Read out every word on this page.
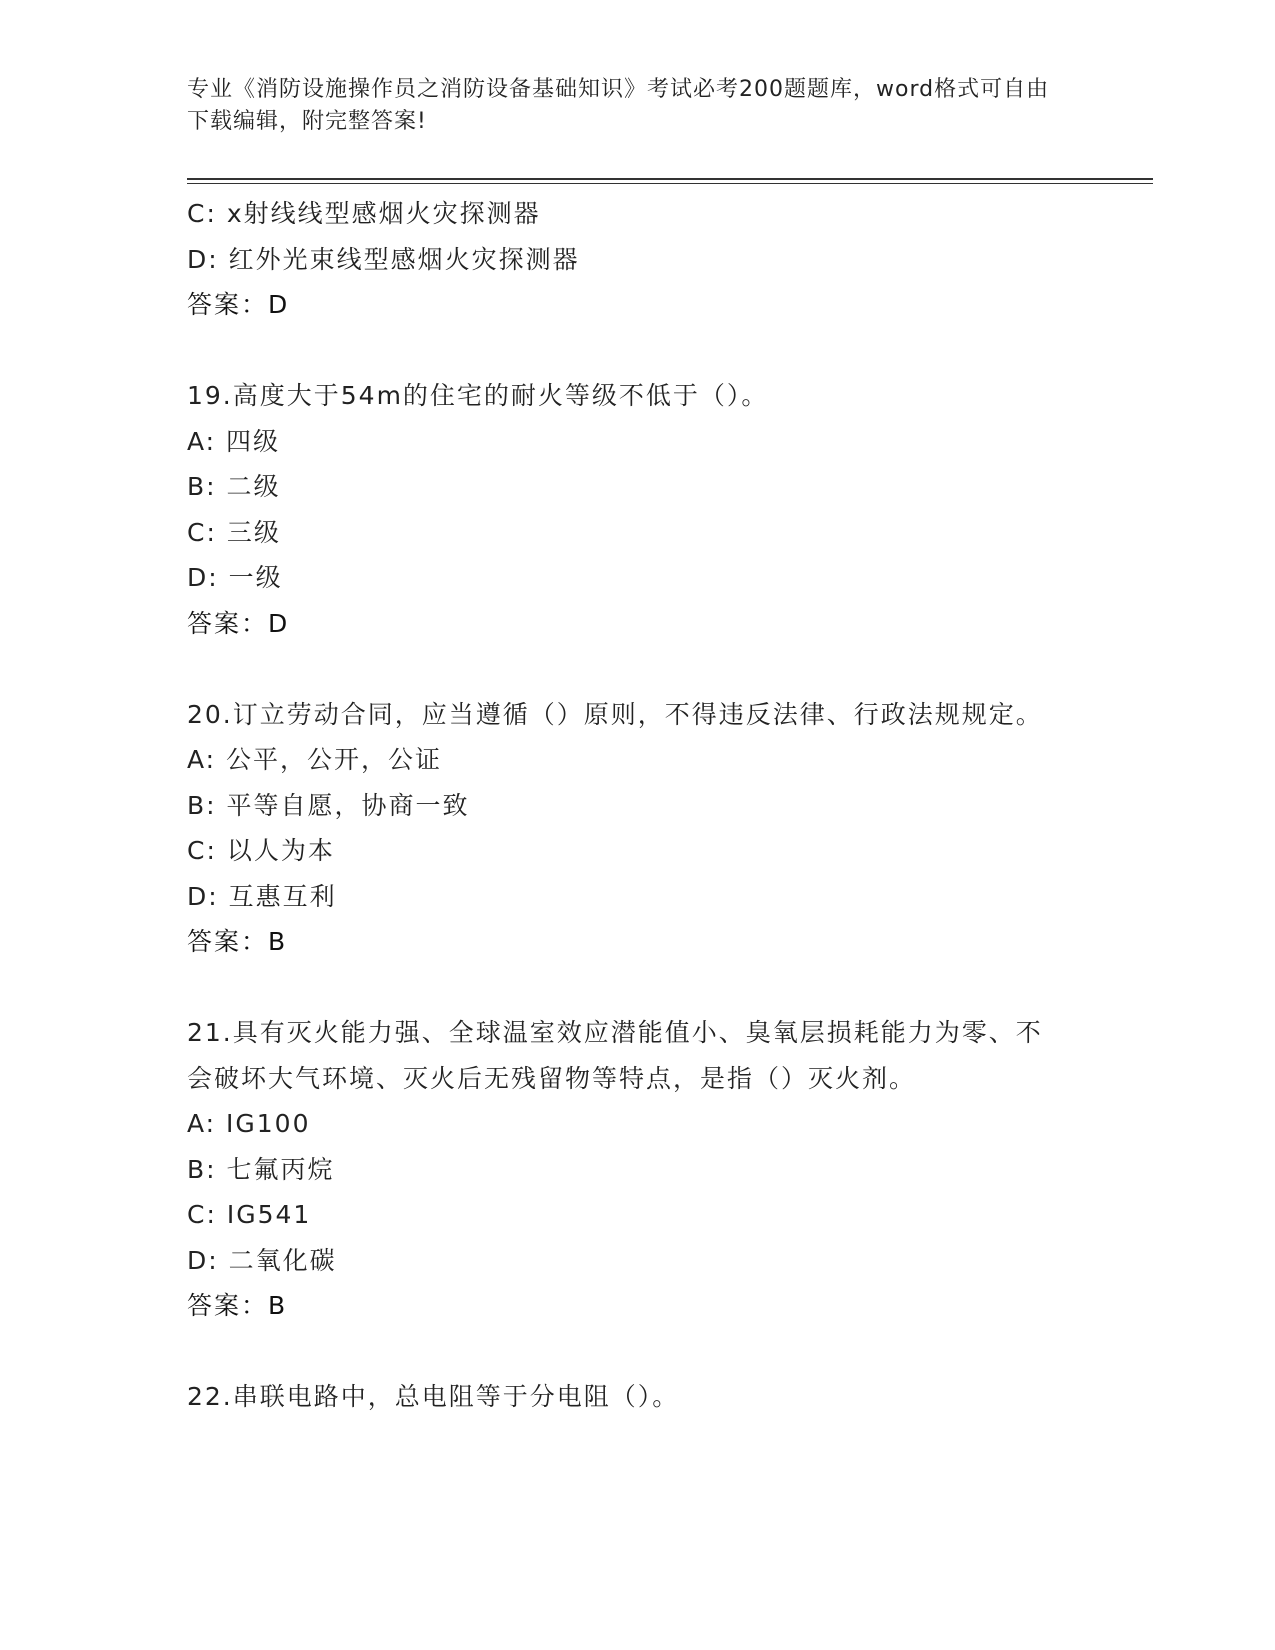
专业《消防设施操作员之消防设备基础知识》考试必考200题题库，word格式可自由下载编辑，附完整答案!
C: x射线线型感烟火灾探测器
D: 红外光束线型感烟火灾探测器
答案：D
19.高度大于54m的住宅的耐火等级不低于（）。
A: 四级
B: 二级
C: 三级
D: 一级
答案：D
20.订立劳动合同，应当遵循（）原则，不得违反法律、行政法规规定。
A: 公平，公开，公证
B: 平等自愿，协商一致
C: 以人为本
D: 互惠互利
答案：B
21.具有灭火能力强、全球温室效应潜能值小、臭氧层损耗能力为零、不会破坏大气环境、灭火后无残留物等特点，是指（）灭火剂。
A: IG100
B: 七氟丙烷
C: IG541
D: 二氧化碳
答案：B
22.串联电路中，总电阻等于分电阻（）。
